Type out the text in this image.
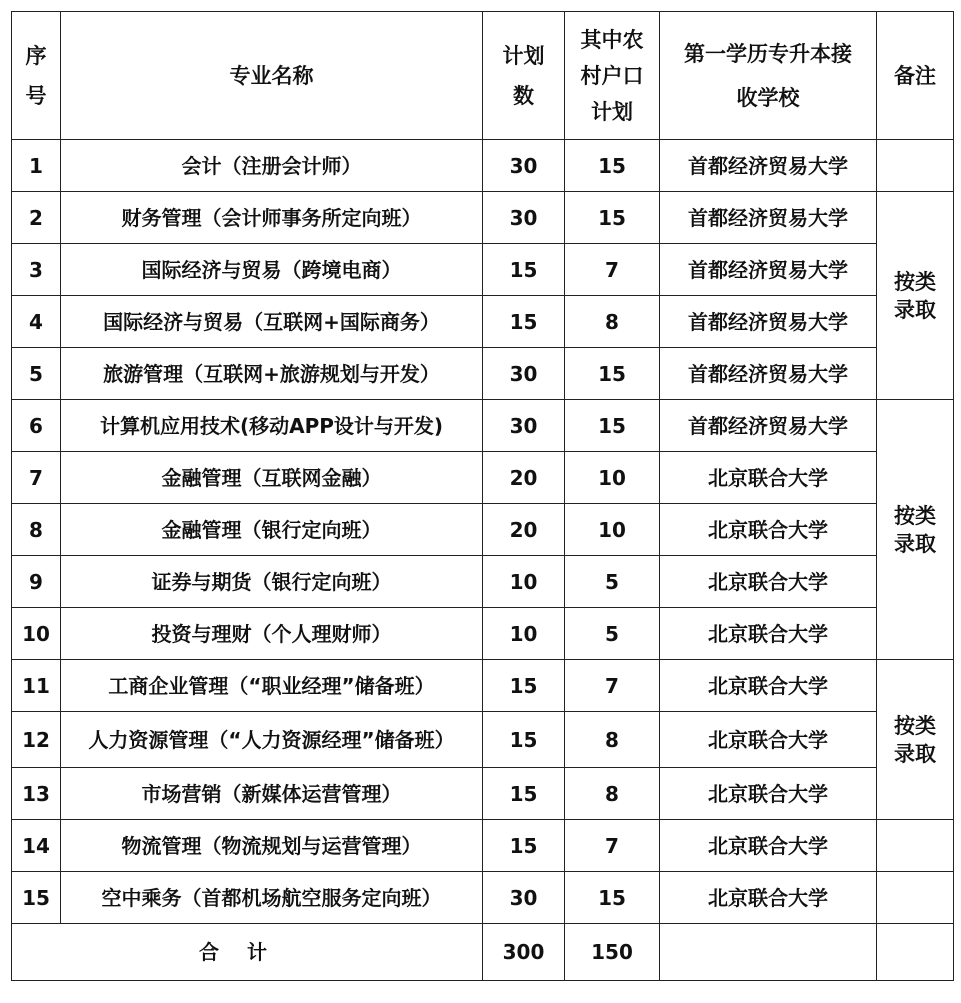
序号	专业名称	计划数	其中农村户口计划	第一学历专升本接收学校	备注
1	会计（注册会计师）	30	15	首都经济贸易大学	
2	财务管理（会计师事务所定向班）	30	15	首都经济贸易大学	按类录取

3	国际经济与贸易（跨境电商）	15	7	首都经济贸易大学	
4	国际经济与贸易（互联网+国际商务）	15	8	首都经济贸易大学	
5	旅游管理（互联网+旅游规划与开发）	30	15	首都经济贸易大学	
6	计算机应用技术(移动APP设计与开发)	30	15	首都经济贸易大学	按类录取

7	金融管理（互联网金融）	20	10	北京联合大学	
8	金融管理（银行定向班）	20	10	北京联合大学	
9	证券与期货（银行定向班）	10	5	北京联合大学	
10	投资与理财（个人理财师）	10	5	北京联合大学	
11	工商企业管理（“职业经理”储备班）	15	7	北京联合大学	按类录取

12	人力资源管理（“人力资源经理”储备班）	15	8	北京联合大学	
13	市场营销（新媒体运营管理）	15	8	北京联合大学	
14	物流管理（物流规划与运营管理）	15	7	北京联合大学	
15	空中乘务（首都机场航空服务定向班）	30	15	北京联合大学	
合计		300	150		
